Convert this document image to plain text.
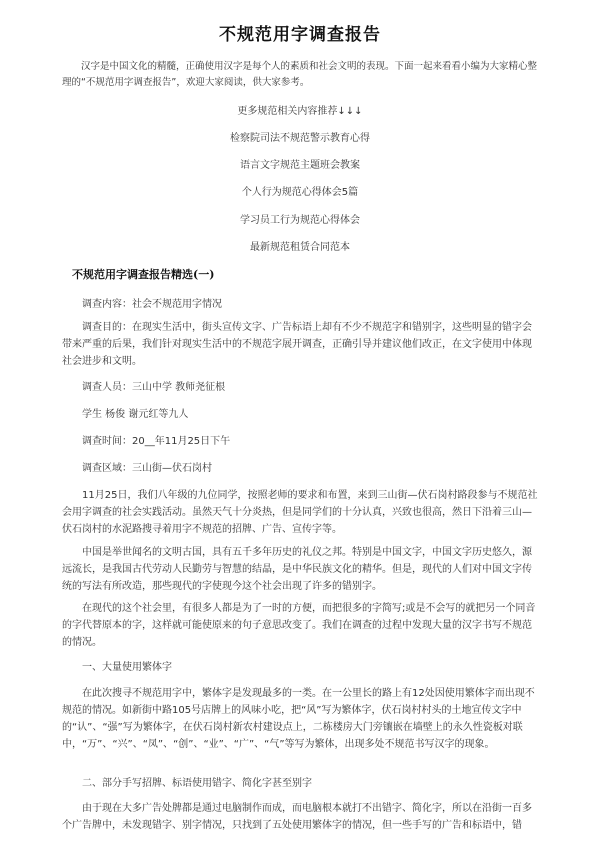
不规范用字调查报告

汉字是中国文化的精髓，正确使用汉字是每个人的素质和社会文明的表现。下面一起来看看小编为大家精心整理的“不规范用字调查报告”，欢迎大家阅读，供大家参考。

更多规范相关内容推荐↓↓↓
检察院司法不规范警示教育心得
语言文字规范主题班会教案
个人行为规范心得体会5篇
学习员工行为规范心得体会
最新规范租赁合同范本
不规范用字调查报告精选(一)
调查内容：社会不规范用字情况

调查目的：在现实生活中，街头宣传文字、广告标语上却有不少不规范字和错别字，这些明显的错字会带来严重的后果，我们针对现实生活中的不规范字展开调查，正确引导并建议他们改正，在文字使用中体现社会进步和文明。

调查人员：三山中学 教师尧征根
学生 杨俊 谢元红等九人
调查时间：20__年11月25日下午
调查区域：三山街—伏石岗村

11月25日，我们八年级的九位同学，按照老师的要求和布置，来到三山街—伏石岗村路段参与不规范社会用字调查的社会实践活动。虽然天气十分炎热，但是同学们的十分认真，兴致也很高，然日下沿着三山—伏石岗村的水泥路搜寻着用字不规范的招牌、广告、宣传字等。

中国是举世闻名的文明古国，具有五千多年历史的礼仪之邦。特别是中国文字，中国文字历史悠久，源远流长，是我国古代劳动人民勤劳与智慧的结晶，是中华民族文化的精华。但是，现代的人们对中国文字传统的写法有所改造，那些现代的字使现今这个社会出现了许多的错别字。

在现代的这个社会里，有很多人都是为了一时的方便，而把很多的字简写;或是不会写的就把另一个同音的字代替原本的字，这样就可能使原来的句子意思改变了。我们在调查的过程中发现大量的汉字书写不规范的情况。

一、大量使用繁体字

在此次搜寻不规范用字中，繁体字是发现最多的一类。在一公里长的路上有12处因使用繁体字而出现不规范的情况。如新街中路105号店牌上的风味小吃，把“风”写为繁体字，伏石岗村村头的土地宣传文字中的“认”、“强”写为繁体字，在伏石岗村新农村建设点上，二栋楼房大门旁镶嵌在墙壁上的永久性瓷板对联中，“万”、“兴”、“凤”、“创”、“业”、“广”、“气”等写为繁体，出现多处不规范书写汉字的现象。

二、部分手写招牌、标语使用错字、简化字甚至别字

由于现在大多广告处牌都是通过电脑制作而成，而电脑根本就打不出错字、简化字，所以在沿街一百多个广告牌中，未发现错字、别字情况，只找到了五处使用繁体字的情况，但一些手写的广告和标语中，错
